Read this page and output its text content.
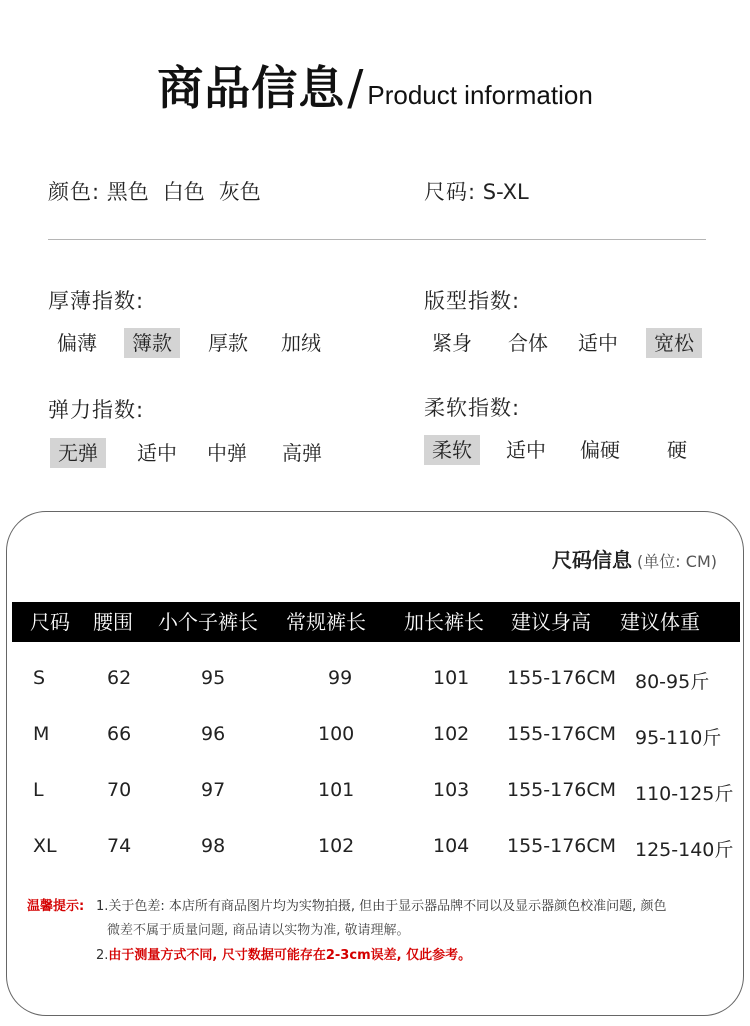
商品信息/ Product information
颜色: 黑色 白色 灰色	尺码: S-XL
厚薄指数:
偏薄	簿款	厚款	加绒
版型指数:
紧身	合体	适中	宽松
弹力指数:
无弹	适中	中弹	高弹
柔软指数:
柔软	适中	偏硬	硬
尺码信息 (单位: CM)
尺码 腰围 小个子裤长 常规裤长 加长裤长 建议身高 建议体重
S	62	95	99	101 155-176CM 80-95斤
M	66	96	100	102 155-176CM 95-110斤
L	70	97	101	103 155-176CM 110-125斤
XL	74	98	102	104 155-176CM 125-140斤
温馨提示: 1.关于色差: 本店所有商品图片均为实物拍摄, 但由于显示器品牌不同以及显示器颜色校准问题, 颜色
微差不属于质量问题, 商品请以实物为准, 敬请理解。
2.由于测量方式不同, 尺寸数据可能存在2-3cm误差, 仅此参考。
